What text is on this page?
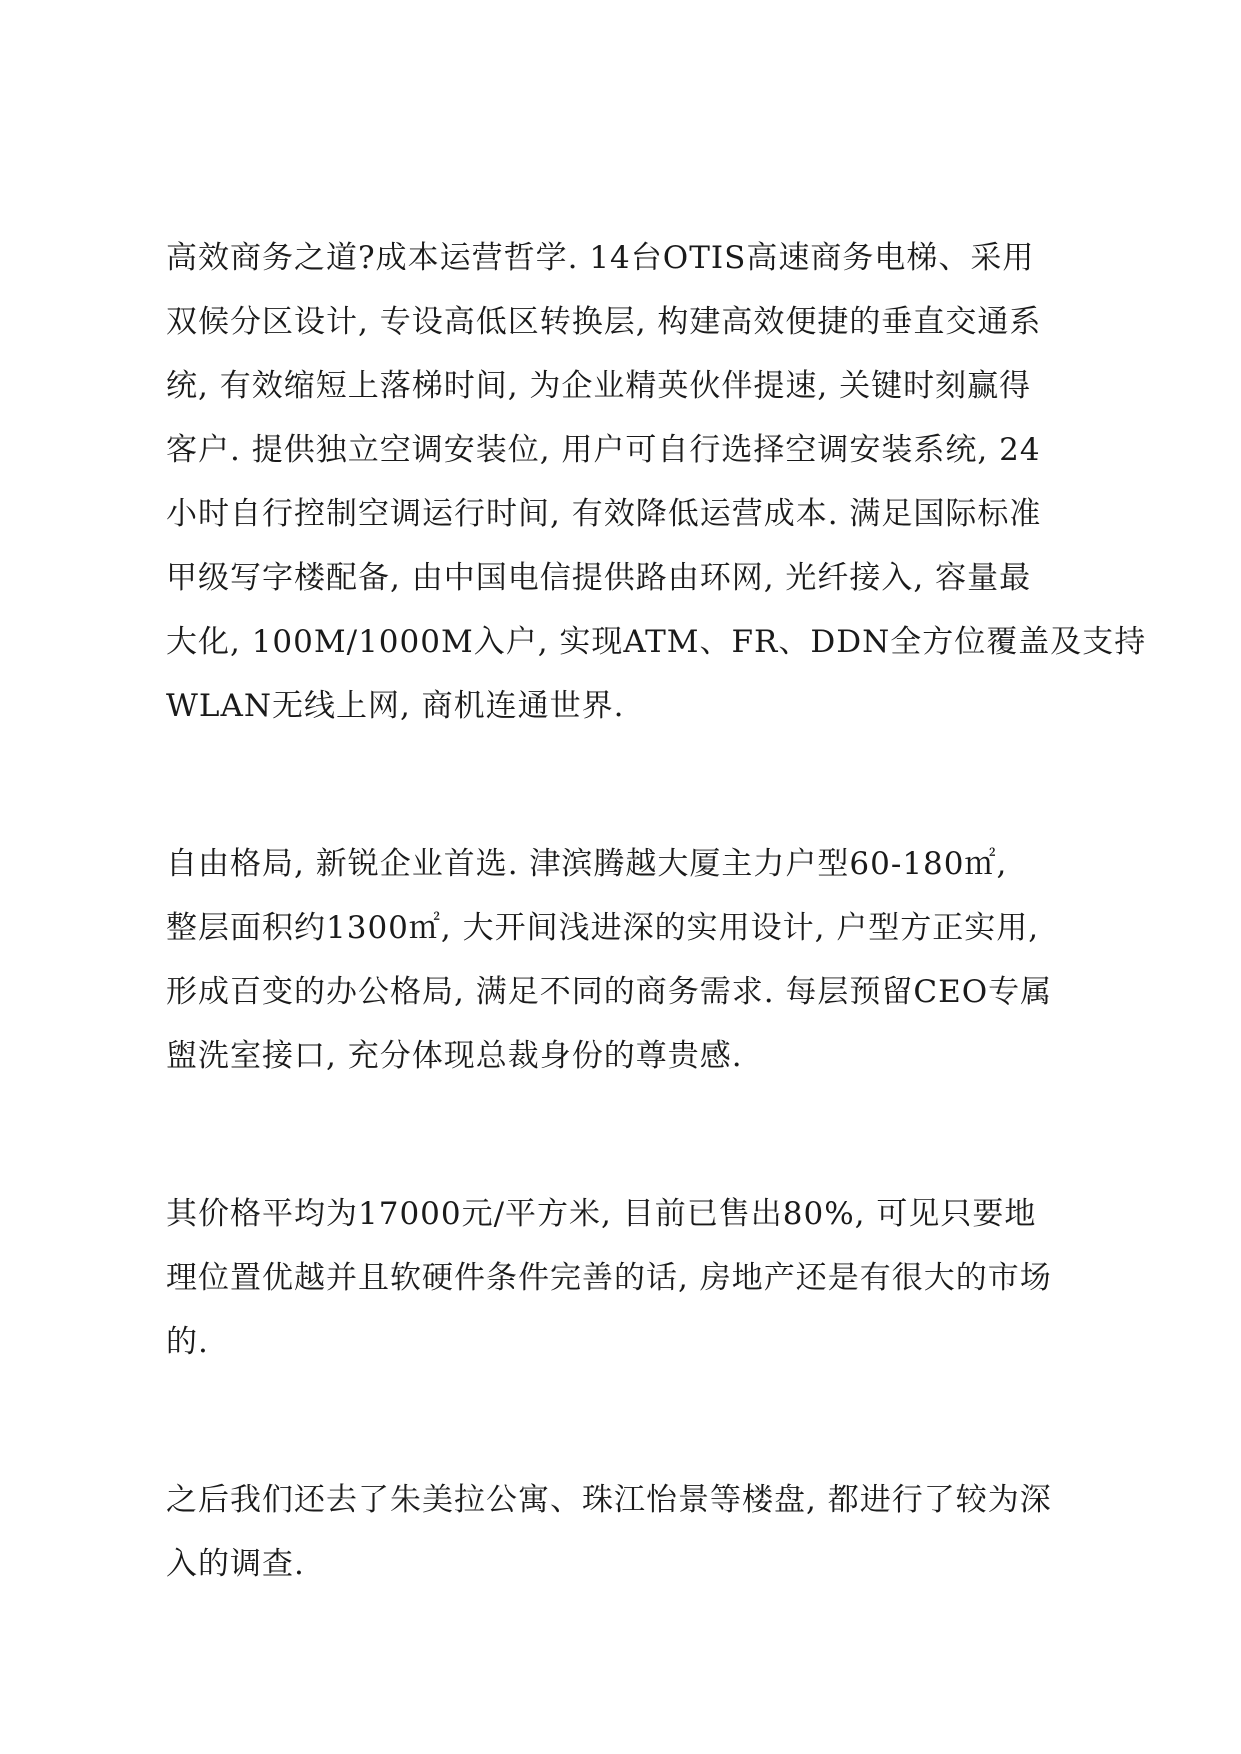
高效商务之道?成本运营哲学. 14台OTIS高速商务电梯、采用
双候分区设计, 专设高低区转换层, 构建高效便捷的垂直交通系
统, 有效缩短上落梯时间, 为企业精英伙伴提速, 关键时刻赢得
客户. 提供独立空调安装位, 用户可自行选择空调安装系统, 24
小时自行控制空调运行时间, 有效降低运营成本. 满足国际标准
甲级写字楼配备, 由中国电信提供路由环网, 光纤接入, 容量最
大化, 100M/1000M入户, 实现ATM、FR、DDN全方位覆盖及支持
WLAN无线上网, 商机连通世界.
自由格局, 新锐企业首选. 津滨腾越大厦主力户型60-180㎡,
整层面积约1300㎡, 大开间浅进深的实用设计, 户型方正实用,
形成百变的办公格局, 满足不同的商务需求. 每层预留CEO专属
盥洗室接口, 充分体现总裁身份的尊贵感.
其价格平均为17000元/平方米, 目前已售出80%, 可见只要地
理位置优越并且软硬件条件完善的话, 房地产还是有很大的市场
的.
之后我们还去了朱美拉公寓、珠江怡景等楼盘, 都进行了较为深
入的调查.
